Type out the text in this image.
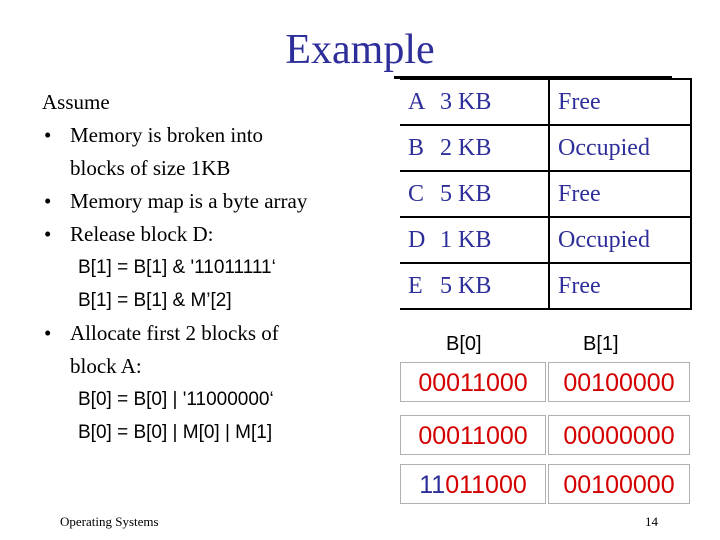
Example
Assume
• Memory is broken into
blocks of size 1KB
• Memory map is a byte array
• Release block D:
B[1] = B[1] & '11011111‘
B[1] = B[1] & M’[2]
• Allocate first 2 blocks of
block A:
B[0] = B[0] | '11000000‘
B[0] = B[0] | M[0] | M[1]
A	3 KB	Free
B	2 KB	Occupied
C	5 KB	Free
D	1 KB	Occupied
E	5 KB	Free
B[0]	B[1]
00011000	00100000
00011000	00000000
11011000	00100000
Operating Systems	14
